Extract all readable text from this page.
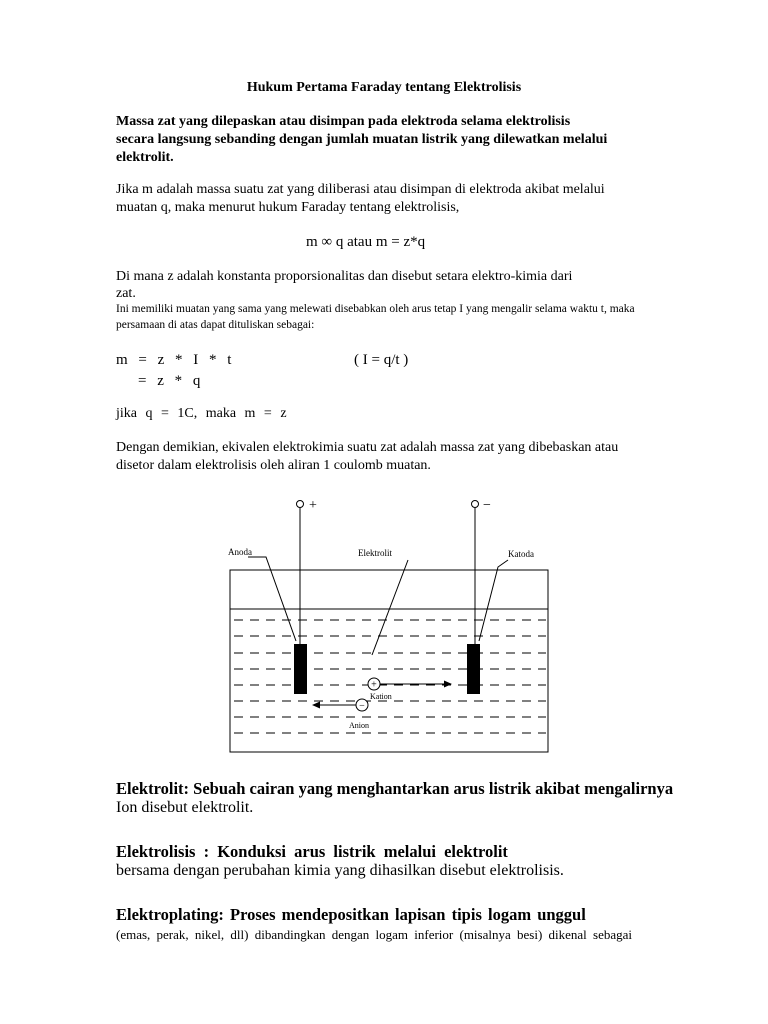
Hukum Pertama Faraday tentang Elektrolisis

Massa zat yang dilepaskan atau disimpan pada elektroda selama elektrolisis

secara langsung sebanding dengan jumlah muatan listrik yang dilewatkan melalui

elektrolit.

Jika m adalah massa suatu zat yang diliberasi atau disimpan di elektroda akibat melalui

muatan q, maka menurut hukum Faraday tentang elektrolisis,

m ∞ q atau m = z*q

Di mana z adalah konstanta proporsionalitas dan disebut setara elektro-kimia dari

zat.

Ini memiliki muatan yang sama yang melewati disebabkan oleh arus tetap I yang mengalir selama waktu t, maka

persamaan di atas dapat dituliskan sebagai:

m = z * I * t	( I = q/t )

= z * q

jika q = 1C, maka m = z

Dengan demikian, ekivalen elektrokimia suatu zat adalah massa zat yang dibebaskan atau

disetor dalam elektrolisis oleh aliran 1 coulomb muatan.

+	−
Anoda	Elektrolit	Katoda
+
−
Kation
Anion

Elektrolit: Sebuah cairan yang menghantarkan arus listrik akibat mengalirnya

Ion disebut elektrolit.

Elektrolisis : Konduksi arus listrik melalui elektrolit

bersama dengan perubahan kimia yang dihasilkan disebut elektrolisis.

Elektroplating: Proses mendepositkan lapisan tipis logam unggul

(emas, perak, nikel, dll) dibandingkan dengan logam inferior (misalnya besi) dikenal sebagai
